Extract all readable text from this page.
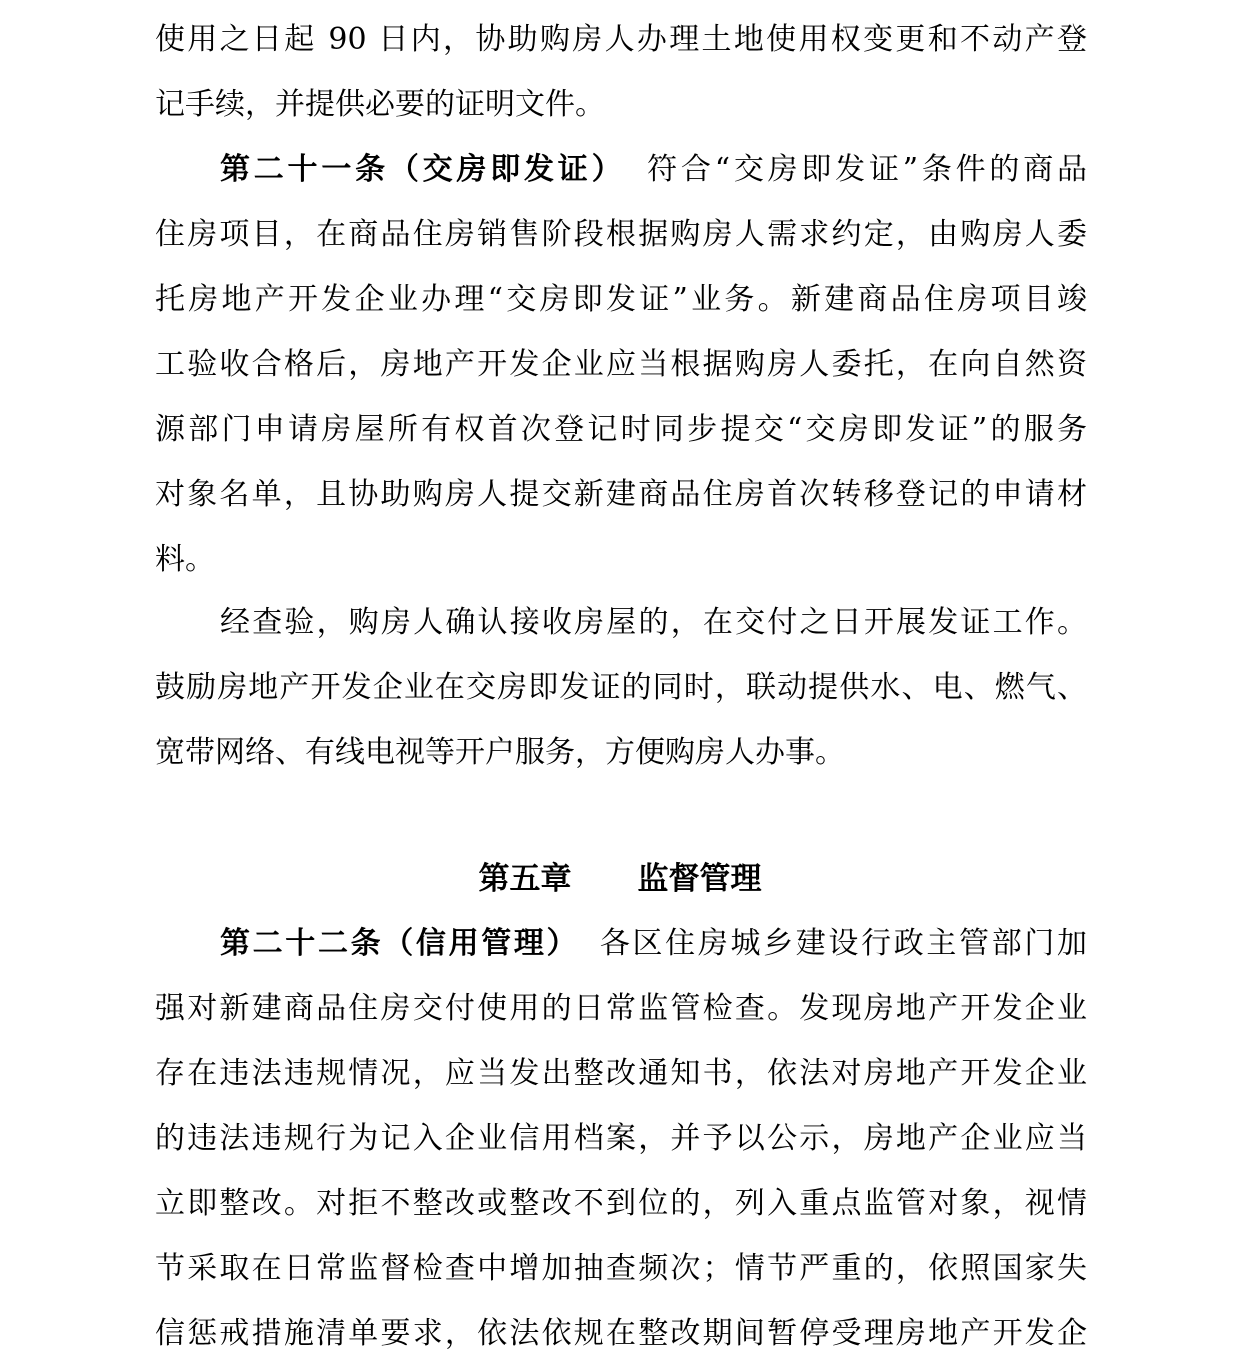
使用之日起 90 日内，协助购房人办理土地使用权变更和不动产登
记手续，并提供必要的证明文件。
第二十一条（交房即发证） 符合“交房即发证”条件的商品
住房项目，在商品住房销售阶段根据购房人需求约定，由购房人委
托房地产开发企业办理“交房即发证”业务。新建商品住房项目竣
工验收合格后，房地产开发企业应当根据购房人委托，在向自然资
源部门申请房屋所有权首次登记时同步提交“交房即发证”的服务
对象名单，且协助购房人提交新建商品住房首次转移登记的申请材
料。
经查验，购房人确认接收房屋的，在交付之日开展发证工作。
鼓励房地产开发企业在交房即发证的同时，联动提供水、电、燃气、
宽带网络、有线电视等开户服务，方便购房人办事。
第五章 监督管理
第二十二条（信用管理） 各区住房城乡建设行政主管部门加
强对新建商品住房交付使用的日常监管检查。发现房地产开发企业
存在违法违规情况，应当发出整改通知书，依法对房地产开发企业
的违法违规行为记入企业信用档案，并予以公示，房地产企业应当
立即整改。对拒不整改或整改不到位的，列入重点监管对象，视情
节采取在日常监督检查中增加抽查频次；情节严重的，依照国家失
信惩戒措施清单要求，依法依规在整改期间暂停受理房地产开发企
